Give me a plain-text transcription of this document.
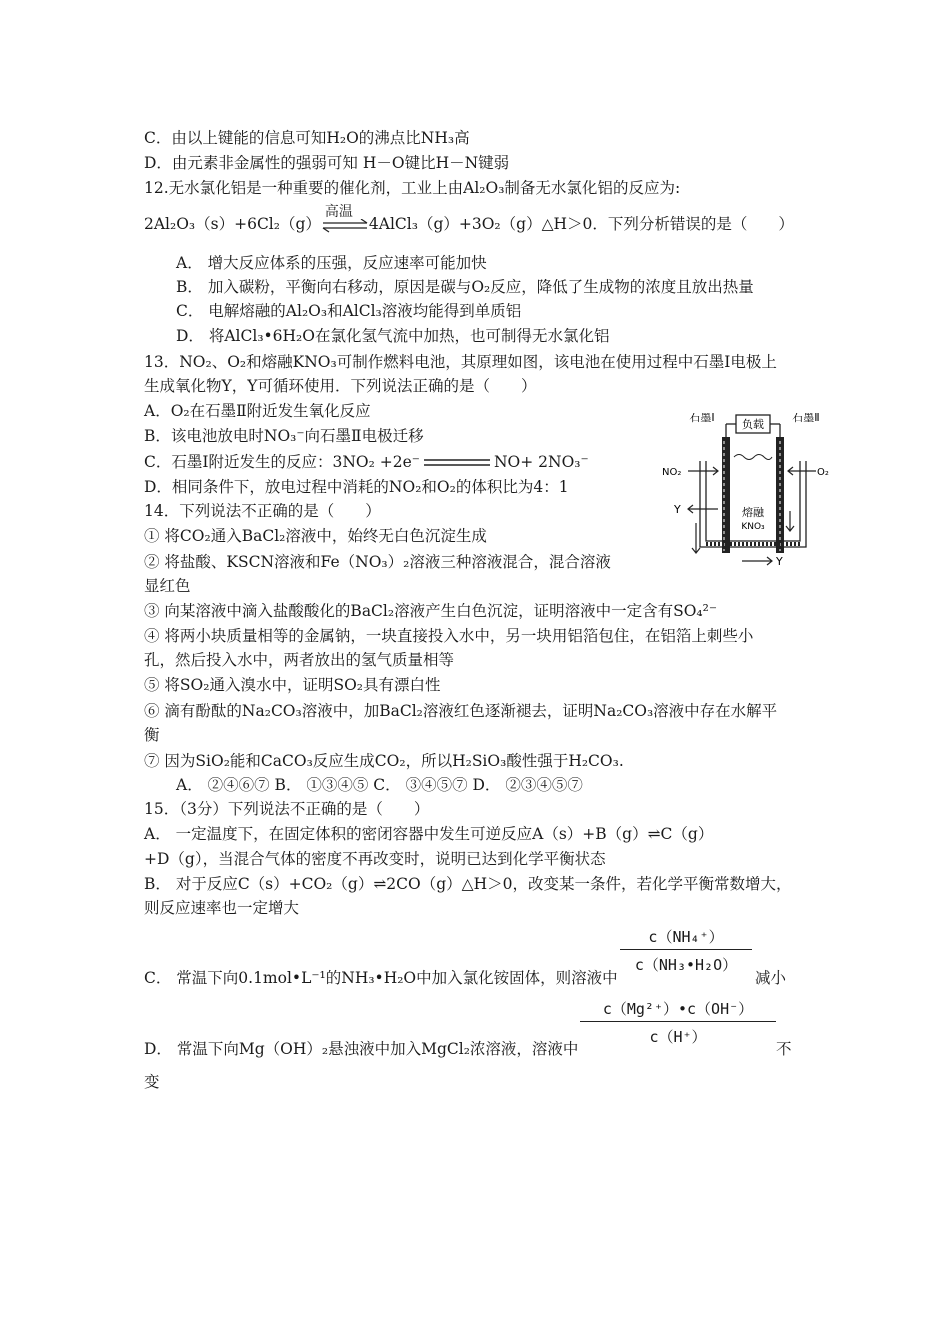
C．由以上键能的信息可知H₂O的沸点比NH₃高
D．由元素非金属性的强弱可知 H－O键比H－N键弱
12.无水氯化铝是一种重要的催化剂，工业上由Al₂O₃制备无水氯化铝的反应为:
2Al₂O₃（s）+6Cl₂（g）
高温
4AlCl₃（g）+3O₂（g）△H＞0．下列分析错误的是（　　）
A． 增大反应体系的压强，反应速率可能加快
B． 加入碳粉，平衡向右移动，原因是碳与O₂反应，降低了生成物的浓度且放出热量
C． 电解熔融的Al₂O₃和AlCl₃溶液均能得到单质铝
D． 将AlCl₃•6H₂O在氯化氢气流中加热，也可制得无水氯化铝
13．NO₂、O₂和熔融KNO₃可制作燃料电池，其原理如图，该电池在使用过程中石墨Ⅰ电极上
生成氧化物Y，Y可循环使用．下列说法正确的是（　　）
A．O₂在石墨Ⅱ附近发生氧化反应
B．该电池放电时NO₃⁻向石墨Ⅱ电极迁移
C．石墨Ⅰ附近发生的反应：3NO₂ +2e⁻	NO+ 2NO₃⁻
D．相同条件下，放电过程中消耗的NO₂和O₂的体积比为4：1
负载
石墨Ⅰ	石墨Ⅱ
熔融
KNO₃
NO₂	O₂
Y
Y
14．下列说法不正确的是（　　）
① 将CO₂通入BaCl₂溶液中，始终无白色沉淀生成
② 将盐酸、KSCN溶液和Fe（NO₃）₂溶液三种溶液混合，混合溶液
显红色
③ 向某溶液中滴入盐酸酸化的BaCl₂溶液产生白色沉淀，证明溶液中一定含有SO₄²⁻
④ 将两小块质量相等的金属钠，一块直接投入水中，另一块用铝箔包住，在铝箔上刺些小
孔，然后投入水中，两者放出的氢气质量相等
⑤ 将SO₂通入溴水中，证明SO₂具有漂白性
⑥ 滴有酚酞的Na₂CO₃溶液中，加BaCl₂溶液红色逐渐褪去，证明Na₂CO₃溶液中存在水解平
衡
⑦ 因为SiO₂能和CaCO₃反应生成CO₂，所以H₂SiO₃酸性强于H₂CO₃.
A． ②④⑥⑦ B． ①③④⑤ C． ③④⑤⑦ D． ②③④⑤⑦
15．（3分）下列说法不正确的是（　　）
A． 一定温度下，在固定体积的密闭容器中发生可逆反应A（s）+B（g）⇌C（g）
+D（g），当混合气体的密度不再改变时，说明已达到化学平衡状态
B． 对于反应C（s）+CO₂（g）⇌2CO（g）△H＞0，改变某一条件，若化学平衡常数增大，
则反应速率也一定增大
C． 常温下向0.1mol•L⁻¹的NH₃•H₂O中加入氯化铵固体，则溶液中 $\frac{\text{c（NH₄⁺）}}{\text{c（NH₃•H₂O）}}$ 减小
D． 常温下向Mg（OH）₂悬浊液中加入MgCl₂浓溶液，溶液中 $\frac{\text{c（Mg²⁺）•c（OH⁻）}}{c(H^+)}$ 不
变
